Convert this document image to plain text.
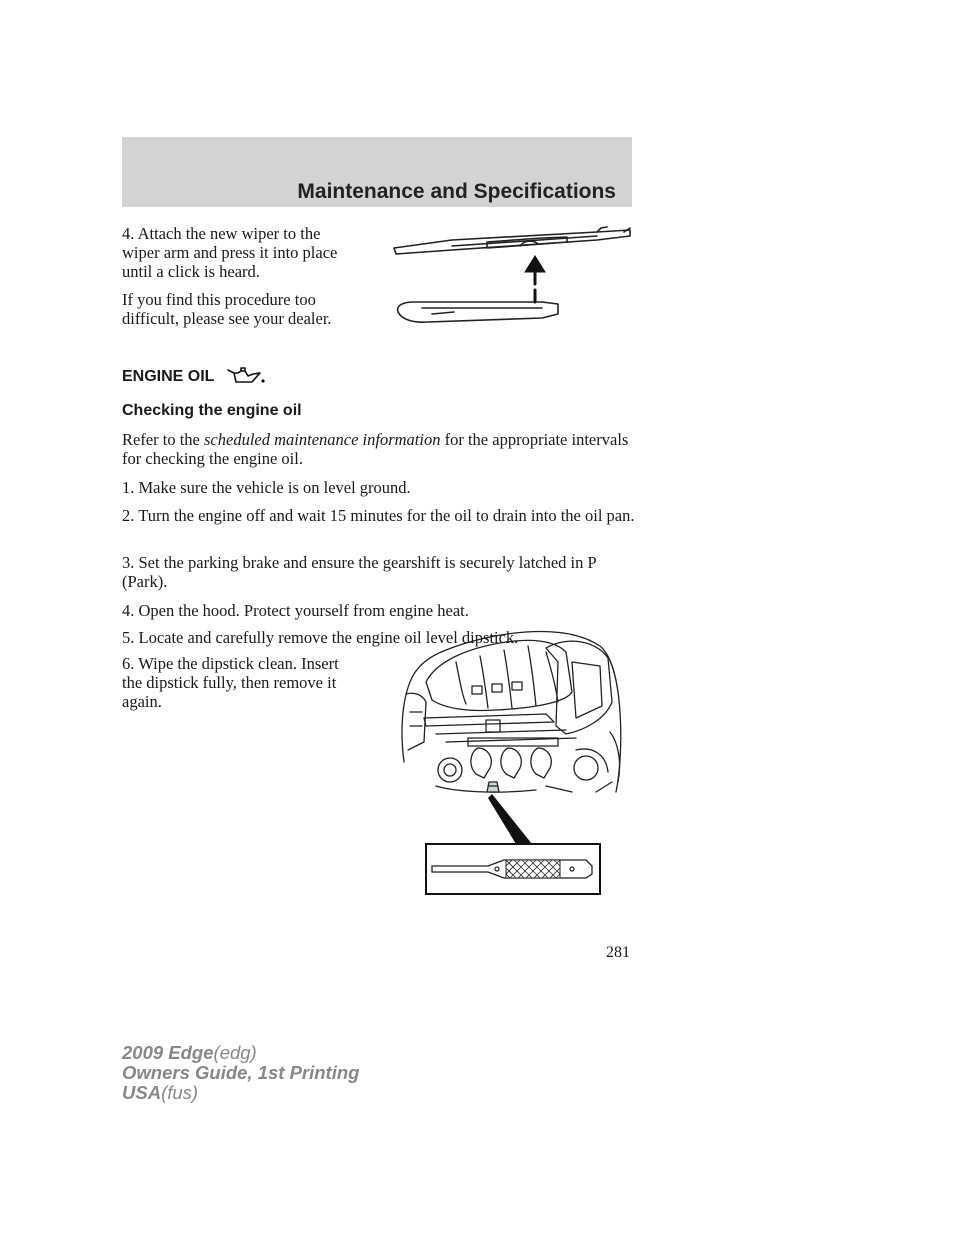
Maintenance and Specifications

4. Attach the new wiper to the wiper arm and press it into place until a click is heard.

If you find this procedure too difficult, please see your dealer.

ENGINE OIL
Checking the engine oil

Refer to the scheduled maintenance information for the appropriate intervals for checking the engine oil.

1. Make sure the vehicle is on level ground.

2. Turn the engine off and wait 15 minutes for the oil to drain into the oil pan.

3. Set the parking brake and ensure the gearshift is securely latched in P (Park).

4. Open the hood. Protect yourself from engine heat.

5. Locate and carefully remove the engine oil level dipstick.

6. Wipe the dipstick clean. Insert the dipstick fully, then remove it again.

281
2009 Edge(edg)
Owners Guide, 1st Printing
USA(fus)
